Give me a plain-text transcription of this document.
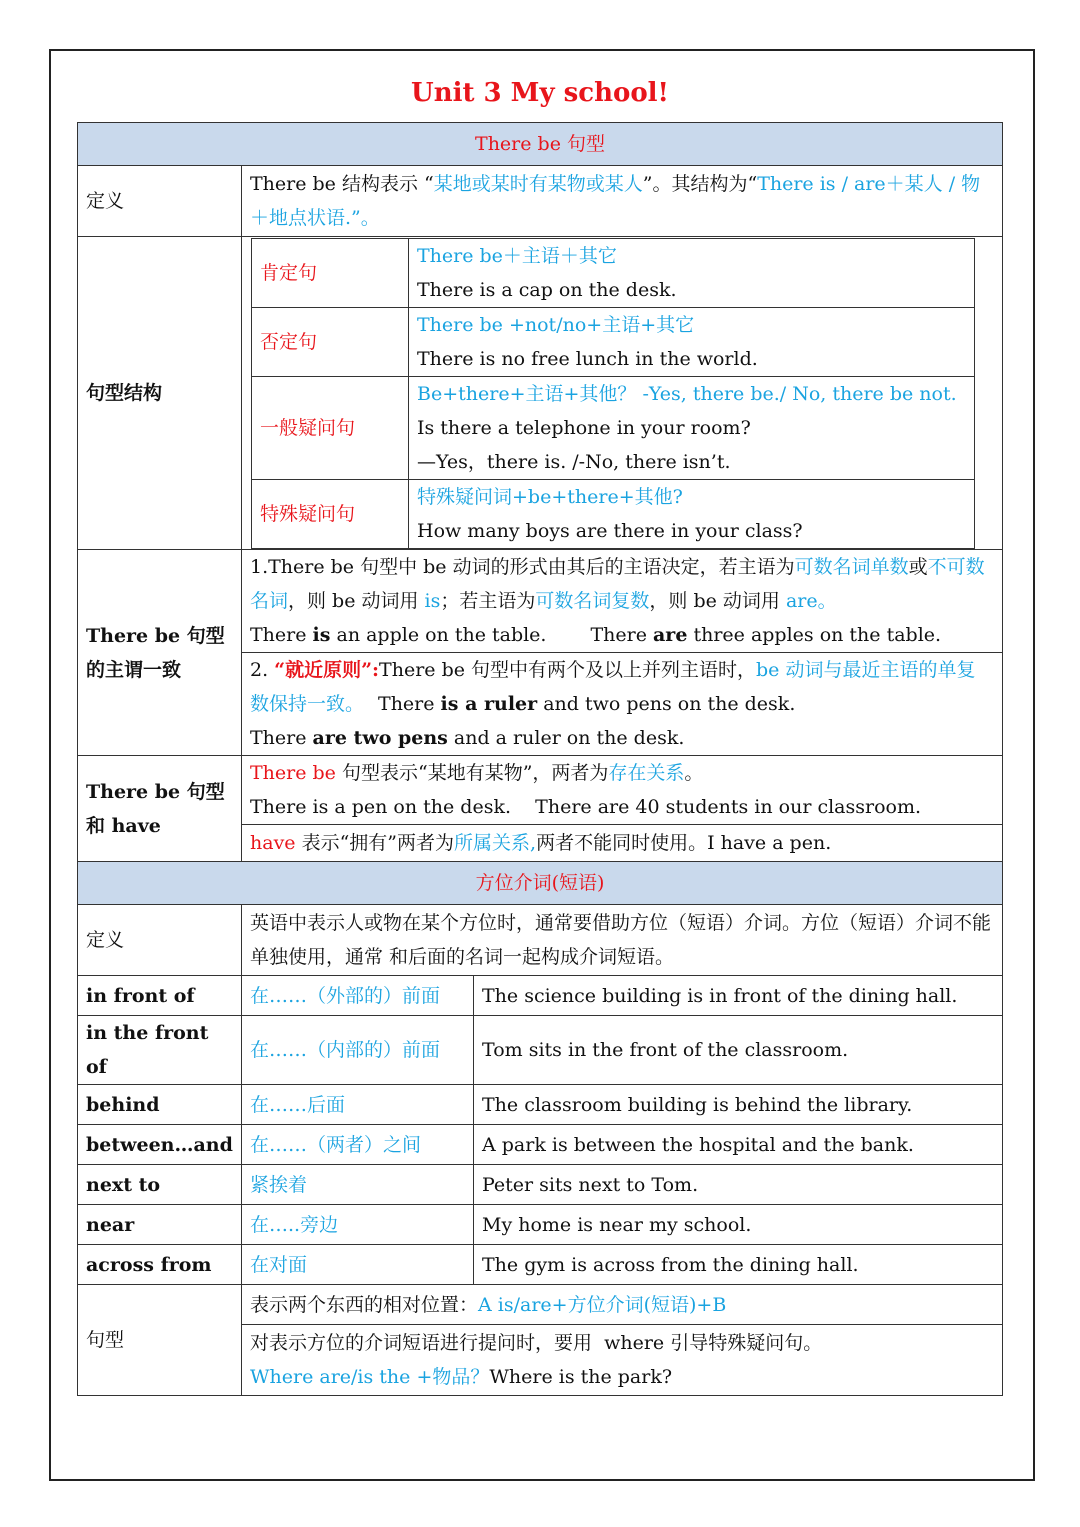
Unit 3 My school!
There be 句型
定义	There be 结构表示 “某地或某时有某物或某人”。其结构为“There is / are＋某人 / 物＋地点状语.”。
句型结构	
肯定句	
There be＋主语＋其它
There is a cap on the desk.

否定句	
There be +not/no+主语+其它
There is no free lunch in the world.

一般疑问句	
Be+there+主语+其他？ -Yes, there be./ No, there be not.
Is there a telephone in your room?
—Yes，there is. /-No, there isn’t.

特殊疑问句	
特殊疑问词+be+there+其他?
How many boys are there in your class?

There be 句型的主谓一致	1.There be 句型中 be 动词的形式由其后的主语决定，若主语为可数名词单数或不可数名词，则 be 动词用 is；若主语为可数名词复数，则 be 动词用 are。
There is an apple on the table. There are three apples on the table.
2. “就近原则”:There be 句型中有两个及以上并列主语时，be 动词与最近主语的单复数保持一致。 There is a ruler and two pens on the desk.
There are two pens and a ruler on the desk.
There be 句型和 have	There be 句型表示“某地有某物”，两者为存在关系。
There is a pen on the desk.    There are 40 students in our classroom.
have 表示“拥有”两者为所属关系,两者不能同时使用。I have a pen.
方位介词(短语)
定义	英语中表示人或物在某个方位时，通常要借助方位（短语）介词。方位（短语）介词不能单独使用，通常 和后面的名词一起构成介词短语。
in front of	在……（外部的）前面	The science building is in front of the dining hall.
in the front of	在……（内部的）前面	Tom sits in the front of the classroom.
behind	在……后面	The classroom building is behind the library.
between…and	在……（两者）之间	A park is between the hospital and the bank.
next to	紧挨着	Peter sits next to Tom.
near	在…..旁边	My home is near my school.
across from	在对面	The gym is across from the dining hall.
句型	表示两个东西的相对位置：A is/are+方位介词(短语)+B
对表示方位的介词短语进行提问时，要用  where 引导特殊疑问句。
Where are/is the +物品？Where is the park?
